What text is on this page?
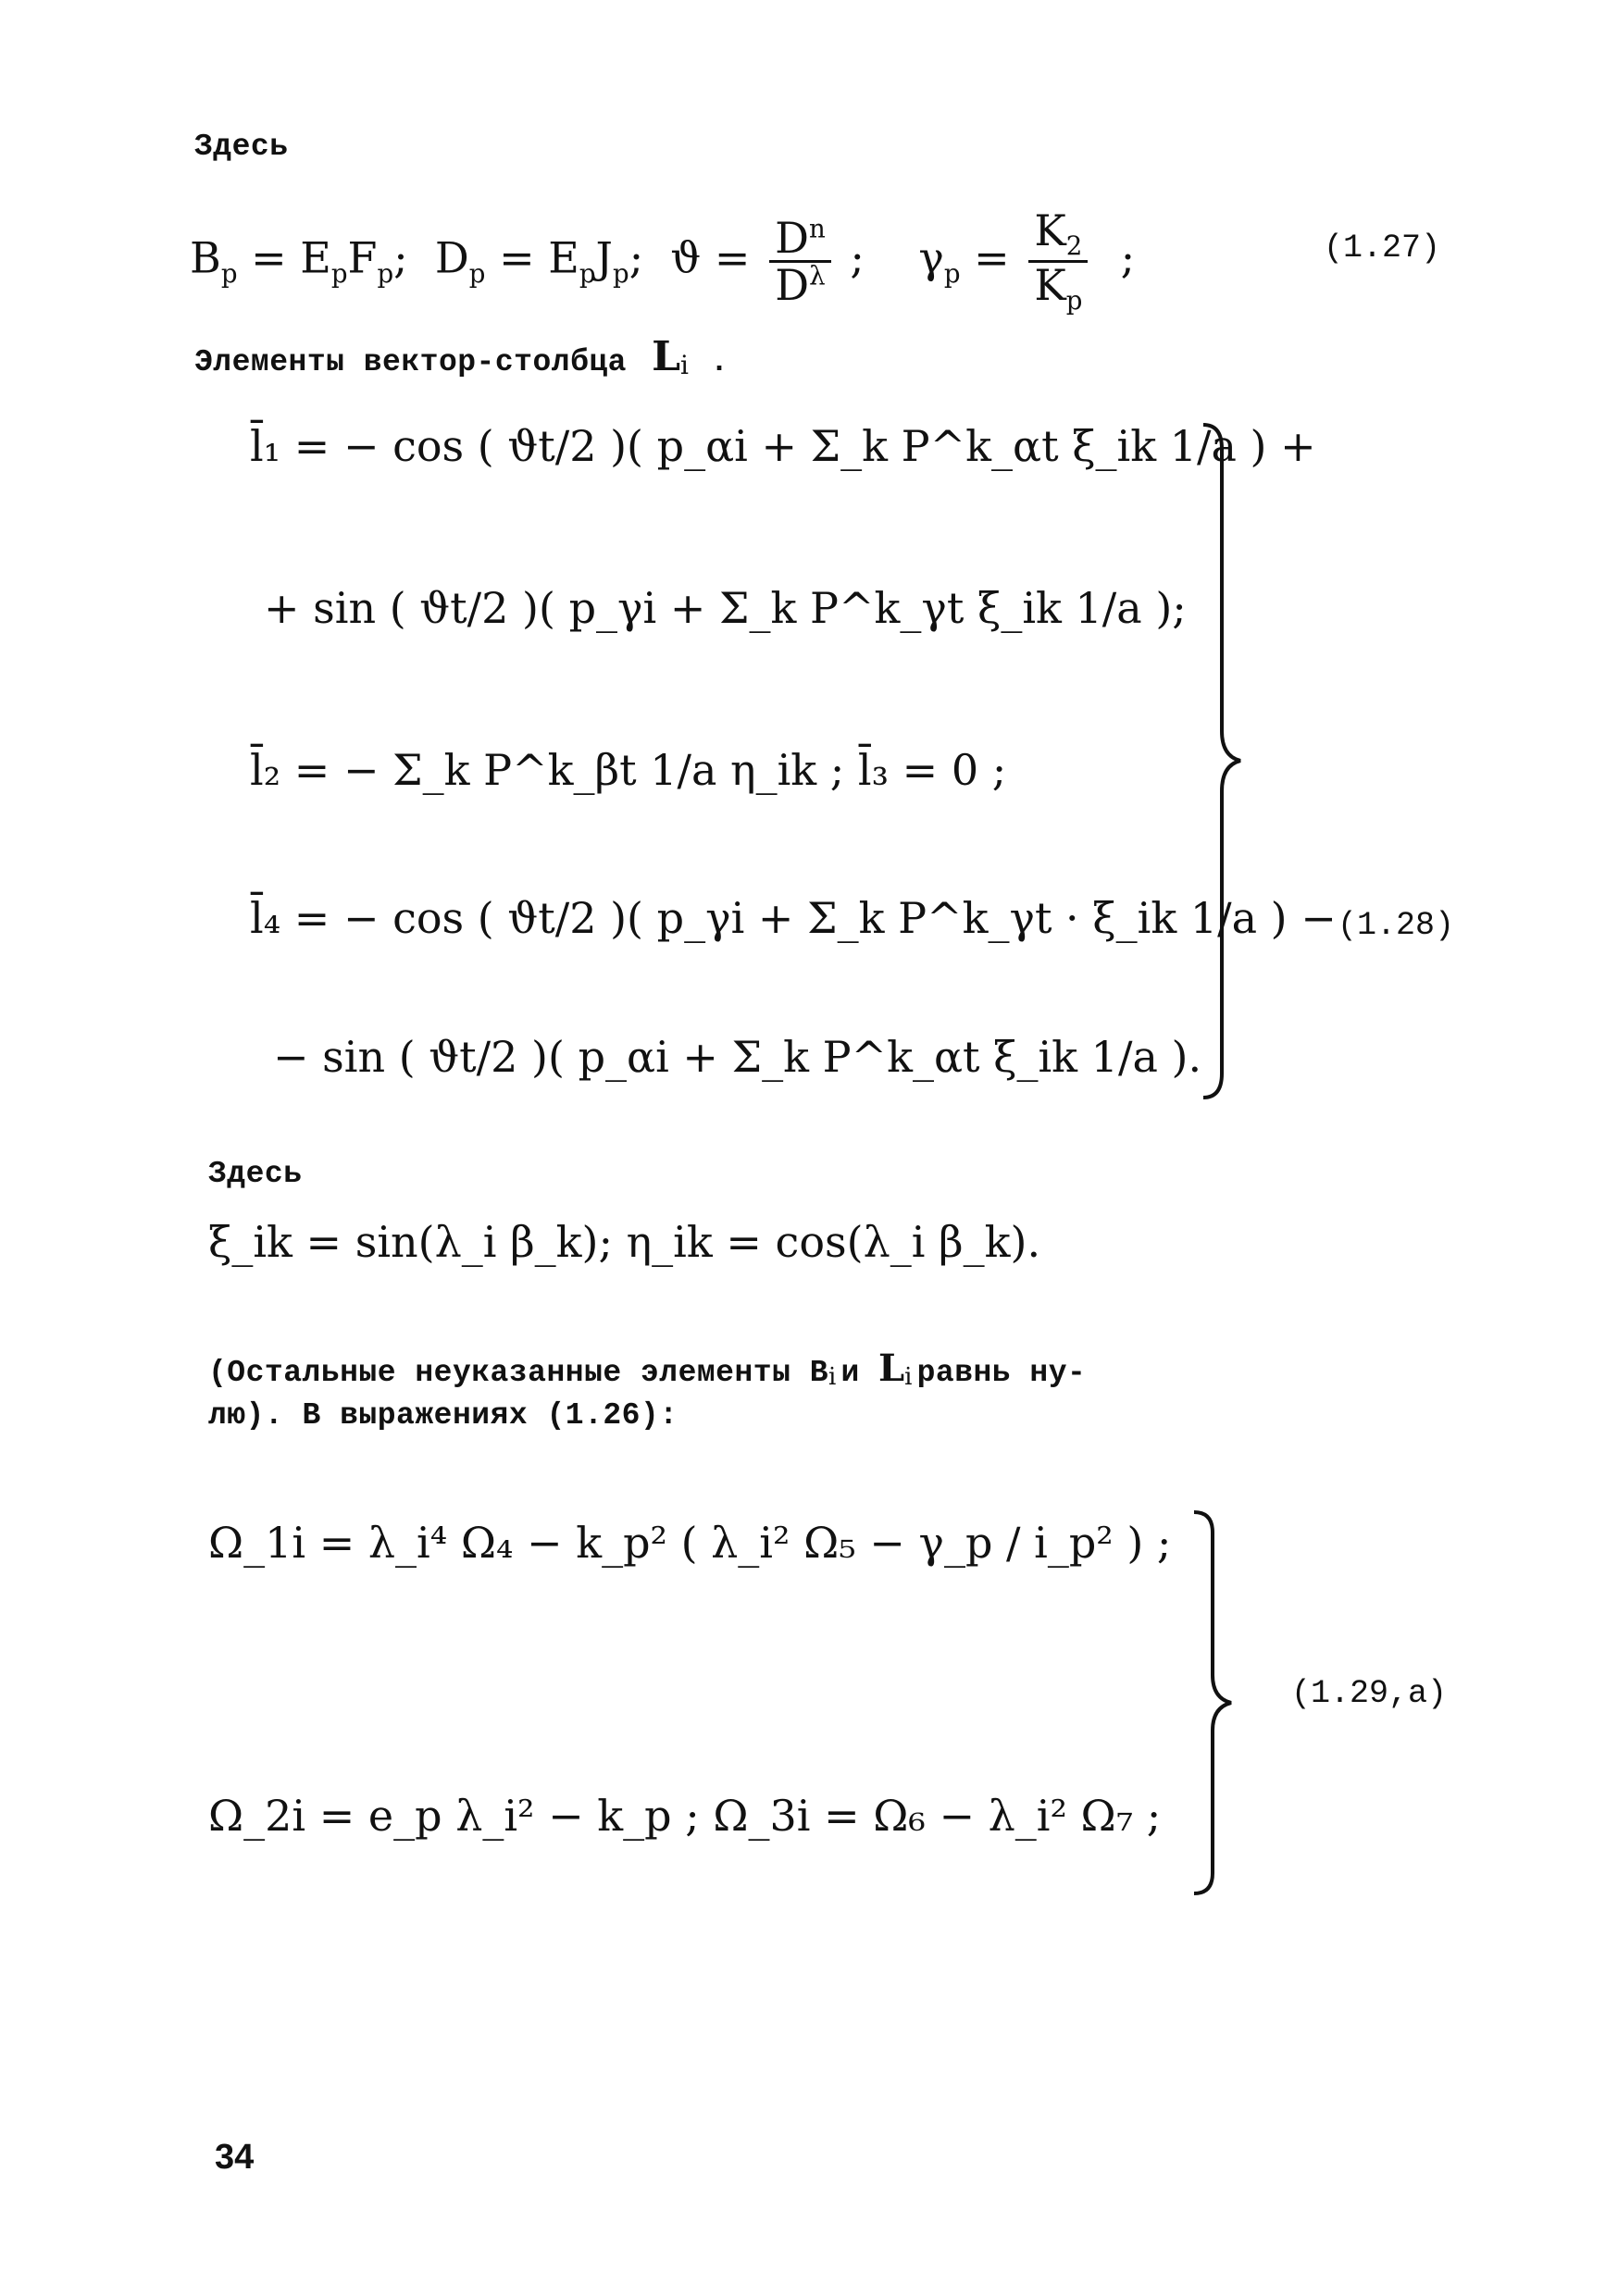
Здесь
$B_p = E_pF_p$; $D_p = E_pJ_p$; $ϑ = \frac{D^n}{D^\lambda}$ ; $\gamma_p = \frac{K_2}{K_p}$ ;	(1.27)
Элементы вектор-столбца $L_i$ .
l̄₁ = − cos ( ϑt/2 )( p_αi + Σ_k P^k_αt ξ_ik 1/a ) +
+ sin ( ϑt/2 )( p_γi + Σ_k P^k_γt ξ_ik 1/a );
l̄₂ = − Σ_k P^k_βt 1/a η_ik ; l̄₃ = 0 ;
l̄₄ = − cos ( ϑt/2 )( p_γi + Σ_k P^k_γt · ξ_ik 1/a ) −
− sin ( ϑt/2 )( p_αi + Σ_k P^k_αt ξ_ik 1/a ).
(1.28)
Здесь
ξ_ik = sin(λ_i β_k); η_ik = cos(λ_i β_k).
(Остальные неуказанные элементы $B_i$ и $L_i$ равнь ну-
лю). В выражениях (1.26):
Ω_1i = λ_i⁴ Ω₄ − k_p² ( λ_i² Ω₅ − γ_p / i_p² ) ;
Ω_2i = e_p λ_i² − k_p ; Ω_3i = Ω₆ − λ_i² Ω₇ ;
(1.29,a)
34
